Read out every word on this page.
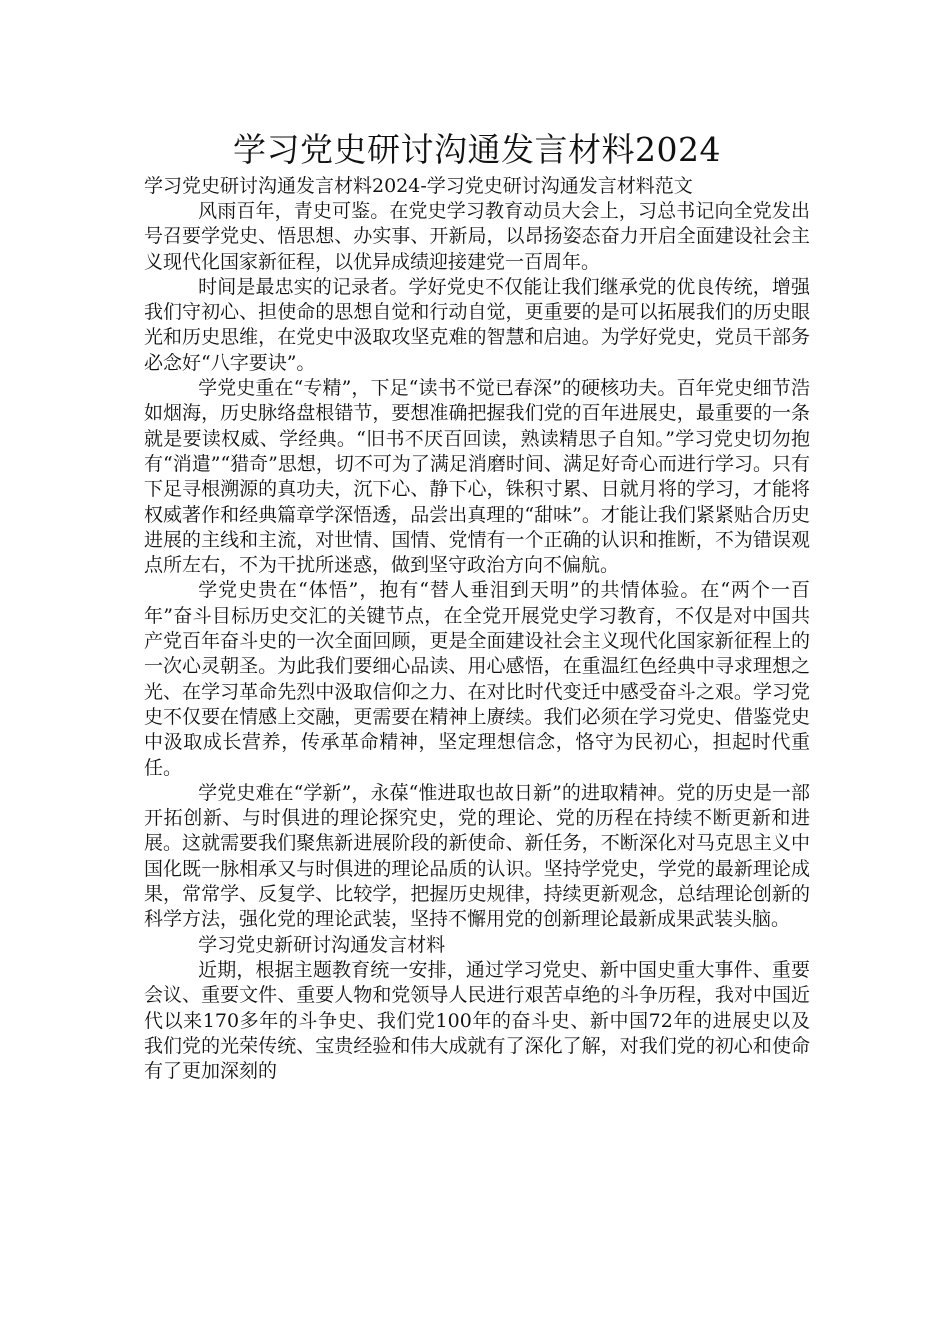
学习党史研讨沟通发言材料2024

学习党史研讨沟通发言材料2024-学习党史研讨沟通发言材料范文

风雨百年，青史可鉴。在党史学习教育动员大会上，习总书记向全党发出号召要学党史、悟思想、办实事、开新局，以昂扬姿态奋力开启全面建设社会主义现代化国家新征程，以优异成绩迎接建党一百周年。

时间是最忠实的记录者。学好党史不仅能让我们继承党的优良传统，增强我们守初心、担使命的思想自觉和行动自觉，更重要的是可以拓展我们的历史眼光和历史思维，在党史中汲取攻坚克难的智慧和启迪。为学好党史，党员干部务必念好“八字要诀”。

学党史重在“专精”，下足“读书不觉已春深”的硬核功夫。百年党史细节浩如烟海，历史脉络盘根错节，要想准确把握我们党的百年进展史，最重要的一条就是要读权威、学经典。“旧书不厌百回读，熟读精思子自知。”学习党史切勿抱有“消遣”“猎奇”思想，切不可为了满足消磨时间、满足好奇心而进行学习。只有下足寻根溯源的真功夫，沉下心、静下心，铢积寸累、日就月将的学习，才能将权威著作和经典篇章学深悟透，品尝出真理的“甜味”。才能让我们紧紧贴合历史进展的主线和主流，对世情、国情、党情有一个正确的认识和推断，不为错误观点所左右，不为干扰所迷惑，做到坚守政治方向不偏航。

学党史贵在“体悟”，抱有“替人垂泪到天明”的共情体验。在“两个一百年”奋斗目标历史交汇的关键节点，在全党开展党史学习教育，不仅是对中国共产党百年奋斗史的一次全面回顾，更是全面建设社会主义现代化国家新征程上的一次心灵朝圣。为此我们要细心品读、用心感悟，在重温红色经典中寻求理想之光、在学习革命先烈中汲取信仰之力、在对比时代变迁中感受奋斗之艰。学习党史不仅要在情感上交融，更需要在精神上赓续。我们必须在学习党史、借鉴党史中汲取成长营养，传承革命精神，坚定理想信念，恪守为民初心，担起时代重任。

学党史难在“学新”，永葆“惟进取也故日新”的进取精神。党的历史是一部开拓创新、与时俱进的理论探究史，党的理论、党的历程在持续不断更新和进展。这就需要我们聚焦新进展阶段的新使命、新任务，不断深化对马克思主义中国化既一脉相承又与时俱进的理论品质的认识。坚持学党史，学党的最新理论成果，常常学、反复学、比较学，把握历史规律，持续更新观念，总结理论创新的科学方法，强化党的理论武装，坚持不懈用党的创新理论最新成果武装头脑。

学习党史新研讨沟通发言材料

近期，根据主题教育统一安排，通过学习党史、新中国史重大事件、重要会议、重要文件、重要人物和党领导人民进行艰苦卓绝的斗争历程，我对中国近代以来170多年的斗争史、我们党100年的奋斗史、新中国72年的进展史以及我们党的光荣传统、宝贵经验和伟大成就有了深化了解，对我们党的初心和使命有了更加深刻的
